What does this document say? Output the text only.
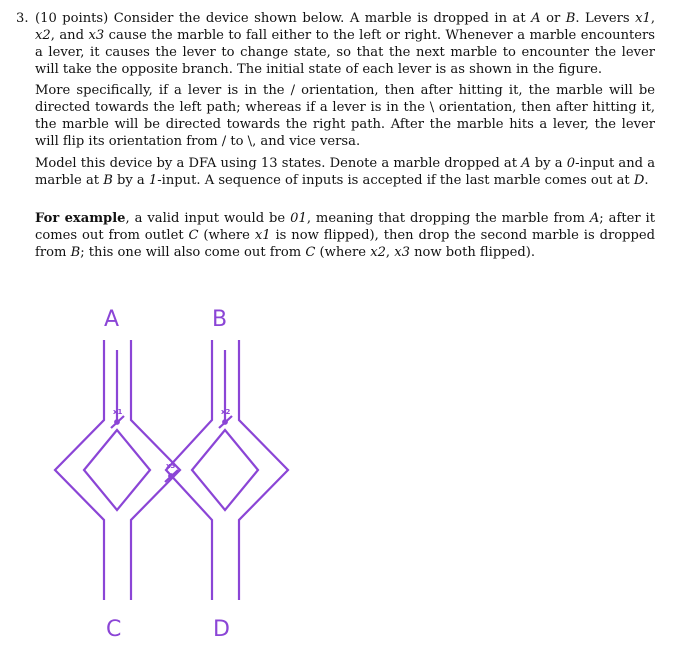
3. (10 points) Consider the device shown below. A marble is dropped in at A or B. Levers x1, x2, and x3 cause the marble to fall either to the left or right. Whenever a marble encounters a lever, it causes the lever to change state, so that the next marble to encounter the lever will take the opposite branch. The initial state of each lever is as shown in the figure.
More specifically, if a lever is in the / orientation, then after hitting it, the marble will be directed towards the left path; whereas if a lever is in the \ orientation, then after hitting it, the marble will be directed towards the right path. After the marble hits a lever, the lever will flip its orientation from / to \, and vice versa.
Model this device by a DFA using 13 states. Denote a marble dropped at A by a 0-input and a marble at B by a 1-input. A sequence of inputs is accepted if the last marble comes out at D.
For example, a valid input would be 01, meaning that dropping the marble from A; after it comes out from outlet C (where x1 is now flipped), then drop the second marble is dropped from B; this one will also come out from C (where x2, x3 now both flipped).
A	B
C	D
x1	x2
x3
